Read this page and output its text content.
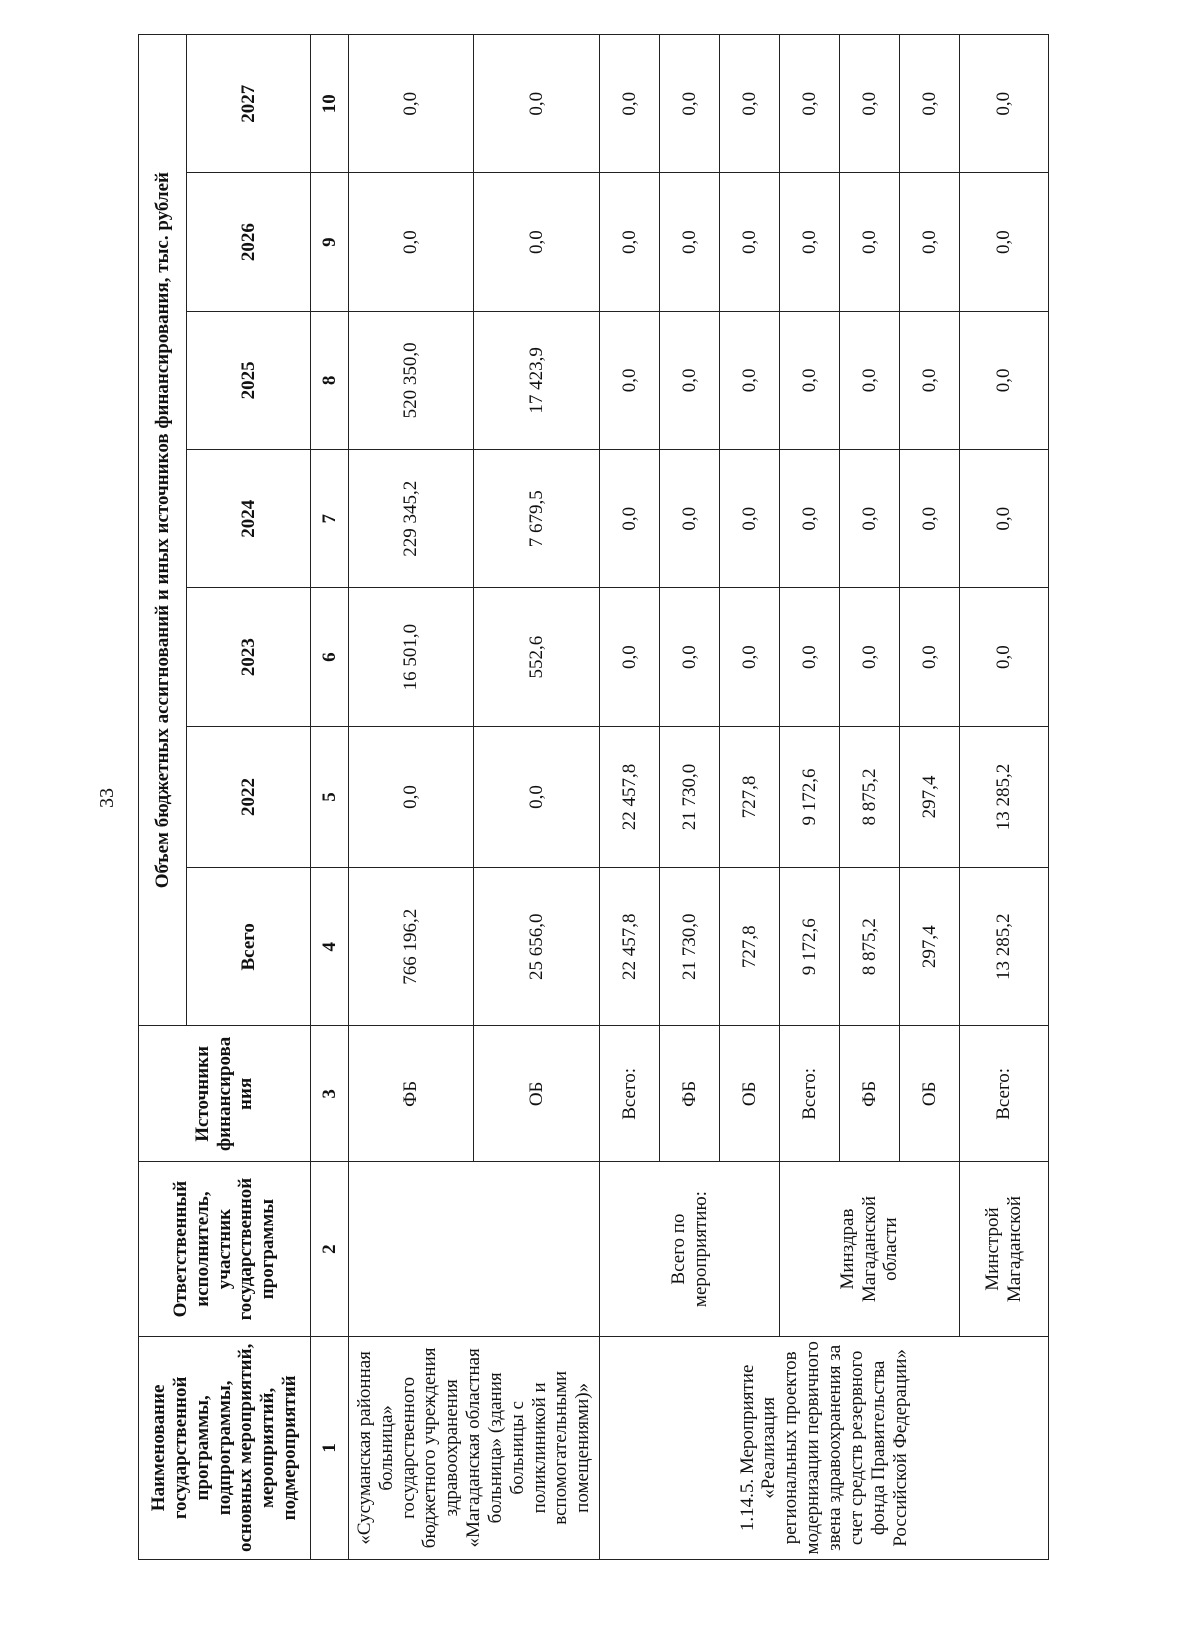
33
Наименование государственной программы, подпрограммы, основных мероприятий, мероприятий, подмероприятий	Ответственный исполнитель, участник государственной программы	Источники финансирова ния	Объем бюджетных ассигнований и иных источников финансирования, тыс. рублей						
			Всего	2022	2023	2024	2025	2026	2027
1	2	3	4	5	6	7	8	9	10
«Сусуманская районная больница» государственного бюджетного учреждения здравоохранения «Магаданская областная больница» (здания больницы с поликлиникой и вспомогательными помещениями)»		ФБ	766 196,2	0,0	16 501,0	229 345,2	520 350,0	0,0	0,0
		ОБ	25 656,0	0,0	552,6	7 679,5	17 423,9	0,0	0,0
1.14.5. Мероприятие «Реализация региональных проектов модернизации первичного звена здравоохранения за счет средств резервного фонда Правительства Российской Федерации»	Всего по мероприятию:	Всего:	22 457,8	22 457,8	0,0	0,0	0,0	0,0	0,0
		ФБ	21 730,0	21 730,0	0,0	0,0	0,0	0,0	0,0
		ОБ	727,8	727,8	0,0	0,0	0,0	0,0	0,0
	Минздрав Магаданской области	Всего:	9 172,6	9 172,6	0,0	0,0	0,0	0,0	0,0
		ФБ	8 875,2	8 875,2	0,0	0,0	0,0	0,0	0,0
		ОБ	297,4	297,4	0,0	0,0	0,0	0,0	0,0
	Минстрой Магаданской	Всего:	13 285,2	13 285,2	0,0	0,0	0,0	0,0	0,0
